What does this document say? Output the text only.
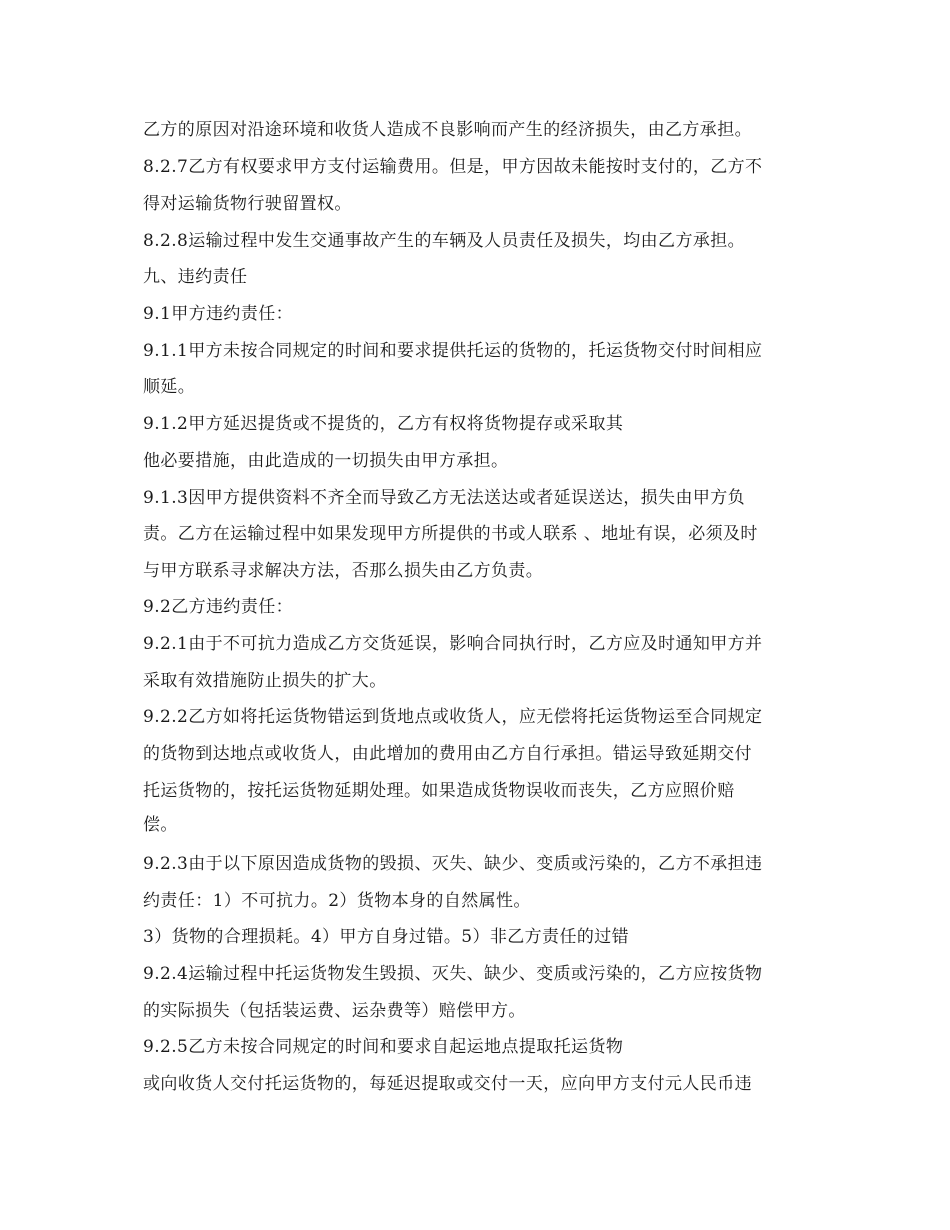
乙方的原因对沿途环境和收货人造成不良影响而产生的经济损失，由乙方承担。
8.2.7乙方有权要求甲方支付运输费用。但是，甲方因故未能按时支付的，乙方不
得对运输货物行驶留置权。
8.2.8运输过程中发生交通事故产生的车辆及人员责任及损失，均由乙方承担。
九、违约责任
9.1甲方违约责任：
9.1.1甲方未按合同规定的时间和要求提供托运的货物的，托运货物交付时间相应
顺延。
9.1.2甲方延迟提货或不提货的，乙方有权将货物提存或采取其
他必要措施，由此造成的一切损失由甲方承担。
9.1.3因甲方提供资料不齐全而导致乙方无法送达或者延误送达，损失由甲方负
责。乙方在运输过程中如果发现甲方所提供的书或人联系 、地址有误，必须及时
与甲方联系寻求解决方法，否那么损失由乙方负责。
9.2乙方违约责任：
9.2.1由于不可抗力造成乙方交货延误，影响合同执行时，乙方应及时通知甲方并
采取有效措施防止损失的扩大。
9.2.2乙方如将托运货物错运到货地点或收货人，应无偿将托运货物运至合同规定
的货物到达地点或收货人，由此增加的费用由乙方自行承担。错运导致延期交付
托运货物的，按托运货物延期处理。如果造成货物误收而丧失，乙方应照价赔
偿。
9.2.3由于以下原因造成货物的毁损、灭失、缺少、变质或污染的，乙方不承担违
约责任：1）不可抗力。2）货物本身的自然属性。
3）货物的合理损耗。4）甲方自身过错。5）非乙方责任的过错
9.2.4运输过程中托运货物发生毁损、灭失、缺少、变质或污染的，乙方应按货物
的实际损失（包括装运费、运杂费等）赔偿甲方。
9.2.5乙方未按合同规定的时间和要求自起运地点提取托运货物
或向收货人交付托运货物的，每延迟提取或交付一天，应向甲方支付元人民币违
